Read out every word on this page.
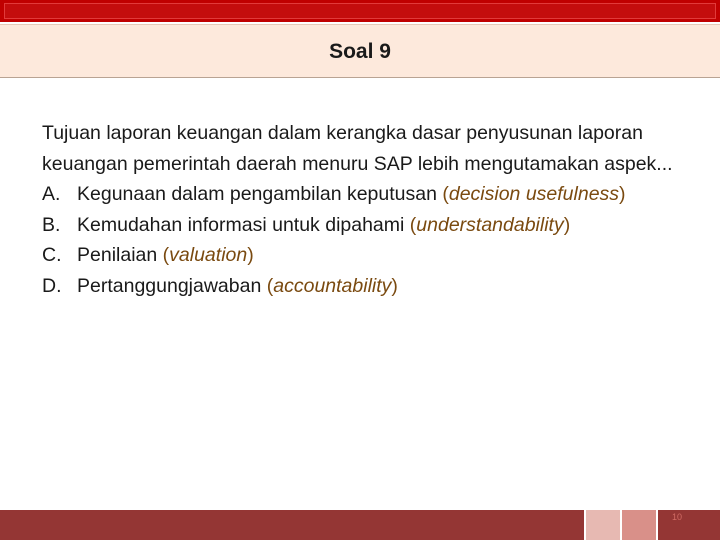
Soal 9

Tujuan laporan keuangan dalam kerangka dasar penyusunan laporan keuangan pemerintah daerah menuru SAP lebih mengutamakan aspek...

A. Kegunaan dalam pengambilan keputusan (decision usefulness)
B. Kemudahan informasi untuk dipahami (understandability)
C. Penilaian (valuation)
D. Pertanggungjawaban (accountability)
10
